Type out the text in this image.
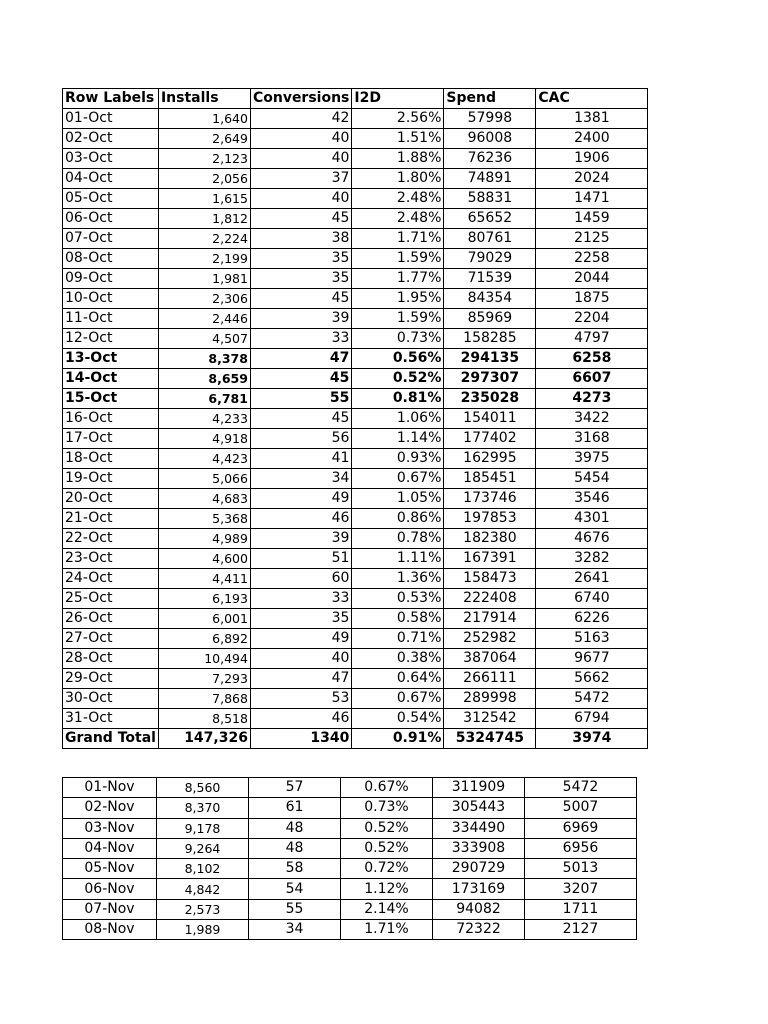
Row Labels	Installs	Conversions	I2D	Spend	CAC
01-Oct	1,640	42	2.56%	57998	1381
02-Oct	2,649	40	1.51%	96008	2400
03-Oct	2,123	40	1.88%	76236	1906
04-Oct	2,056	37	1.80%	74891	2024
05-Oct	1,615	40	2.48%	58831	1471
06-Oct	1,812	45	2.48%	65652	1459
07-Oct	2,224	38	1.71%	80761	2125
08-Oct	2,199	35	1.59%	79029	2258
09-Oct	1,981	35	1.77%	71539	2044
10-Oct	2,306	45	1.95%	84354	1875
11-Oct	2,446	39	1.59%	85969	2204
12-Oct	4,507	33	0.73%	158285	4797
13-Oct	8,378	47	0.56%	294135	6258
14-Oct	8,659	45	0.52%	297307	6607
15-Oct	6,781	55	0.81%	235028	4273
16-Oct	4,233	45	1.06%	154011	3422
17-Oct	4,918	56	1.14%	177402	3168
18-Oct	4,423	41	0.93%	162995	3975
19-Oct	5,066	34	0.67%	185451	5454
20-Oct	4,683	49	1.05%	173746	3546
21-Oct	5,368	46	0.86%	197853	4301
22-Oct	4,989	39	0.78%	182380	4676
23-Oct	4,600	51	1.11%	167391	3282
24-Oct	4,411	60	1.36%	158473	2641
25-Oct	6,193	33	0.53%	222408	6740
26-Oct	6,001	35	0.58%	217914	6226
27-Oct	6,892	49	0.71%	252982	5163
28-Oct	10,494	40	0.38%	387064	9677
29-Oct	7,293	47	0.64%	266111	5662
30-Oct	7,868	53	0.67%	289998	5472
31-Oct	8,518	46	0.54%	312542	6794
Grand Total	147,326	1340	0.91%	5324745	3974
01-Nov	8,560	57	0.67%	311909	5472
02-Nov	8,370	61	0.73%	305443	5007
03-Nov	9,178	48	0.52%	334490	6969
04-Nov	9,264	48	0.52%	333908	6956
05-Nov	8,102	58	0.72%	290729	5013
06-Nov	4,842	54	1.12%	173169	3207
07-Nov	2,573	55	2.14%	94082	1711
08-Nov	1,989	34	1.71%	72322	2127
